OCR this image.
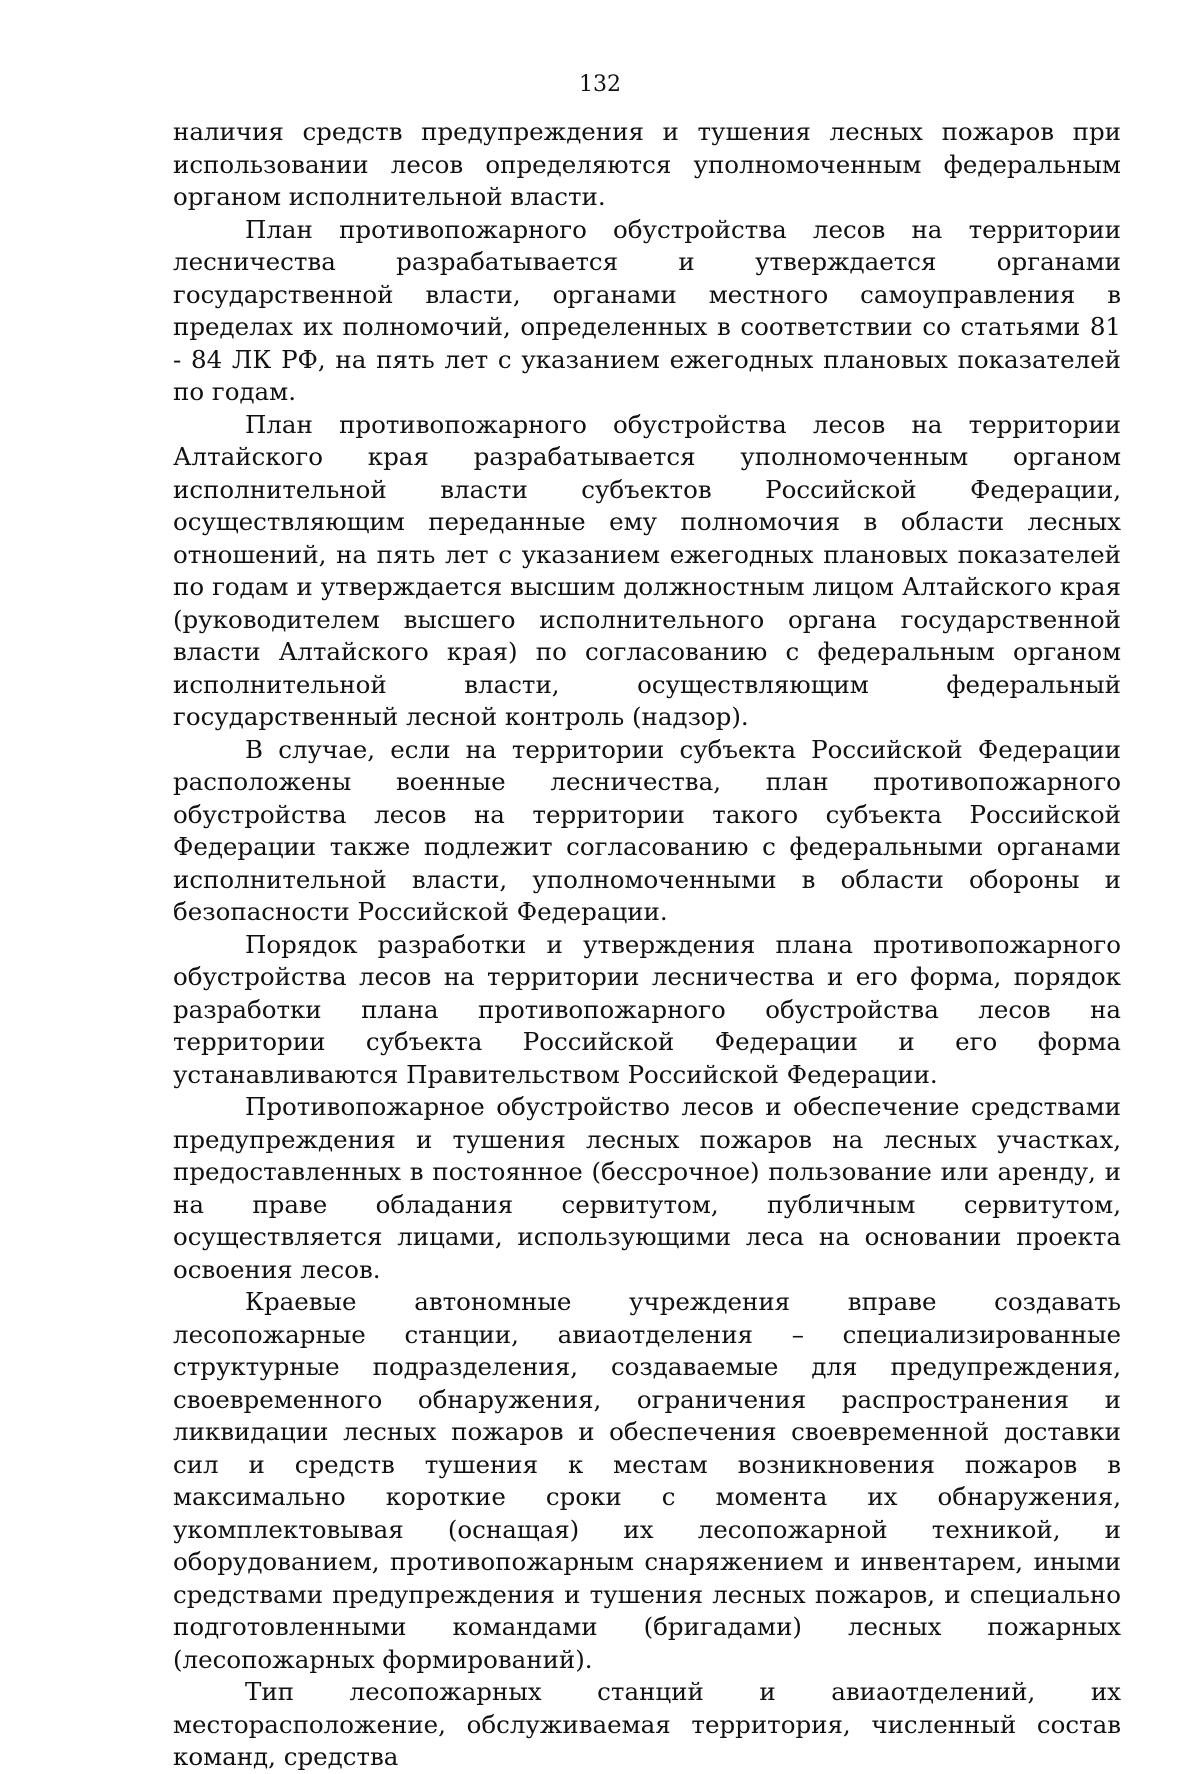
132

наличия средств предупреждения и тушения лесных пожаров при использовании лесов определяются уполномоченным федеральным органом исполнительной власти.

План противопожарного обустройства лесов на территории лесничества разрабатывается и утверждается органами государственной власти, органами местного самоуправления в пределах их полномочий, определенных в соответствии со статьями 81 - 84 ЛК РФ, на пять лет с указанием ежегодных плановых показателей по годам.

План противопожарного обустройства лесов на территории Алтайского края разрабатывается уполномоченным органом исполнительной власти субъектов Российской Федерации, осуществляющим переданные ему полномочия в области лесных отношений, на пять лет с указанием ежегодных плановых показателей по годам и утверждается высшим должностным лицом Алтайского края (руководителем высшего исполнительного органа государственной власти Алтайского края) по согласованию с федеральным органом исполнительной власти, осуществляющим федеральный государственный лесной контроль (надзор).

В случае, если на территории субъекта Российской Федерации расположены военные лесничества, план противопожарного обустройства лесов на территории такого субъекта Российской Федерации также подлежит согласованию с федеральными органами исполнительной власти, уполномоченными в области обороны и безопасности Российской Федерации.

Порядок разработки и утверждения плана противопожарного обустройства лесов на территории лесничества и его форма, порядок разработки плана противопожарного обустройства лесов на территории субъекта Российской Федерации и его форма устанавливаются Правительством Российской Федерации.

Противопожарное обустройство лесов и обеспечение средствами предупреждения и тушения лесных пожаров на лесных участках, предоставленных в постоянное (бессрочное) пользование или аренду, и на праве обладания сервитутом, публичным сервитутом, осуществляется лицами, использующими леса на основании проекта освоения лесов.

Краевые автономные учреждения вправе создавать лесопожарные станции, авиаотделения – специализированные структурные подразделения, создаваемые для предупреждения, своевременного обнаружения, ограничения распространения и ликвидации лесных пожаров и обеспечения своевременной доставки сил и средств тушения к местам возникновения пожаров в максимально короткие сроки с момента их обнаружения, укомплектовывая (оснащая) их лесопожарной техникой, и оборудованием, противопожарным снаряжением и инвентарем, иными средствами предупреждения и тушения лесных пожаров, и специально подготовленными командами (бригадами) лесных пожарных (лесопожарных формирований).

Тип лесопожарных станций и авиаотделений, их месторасположение, обслуживаемая территория, численный состав команд, средства
